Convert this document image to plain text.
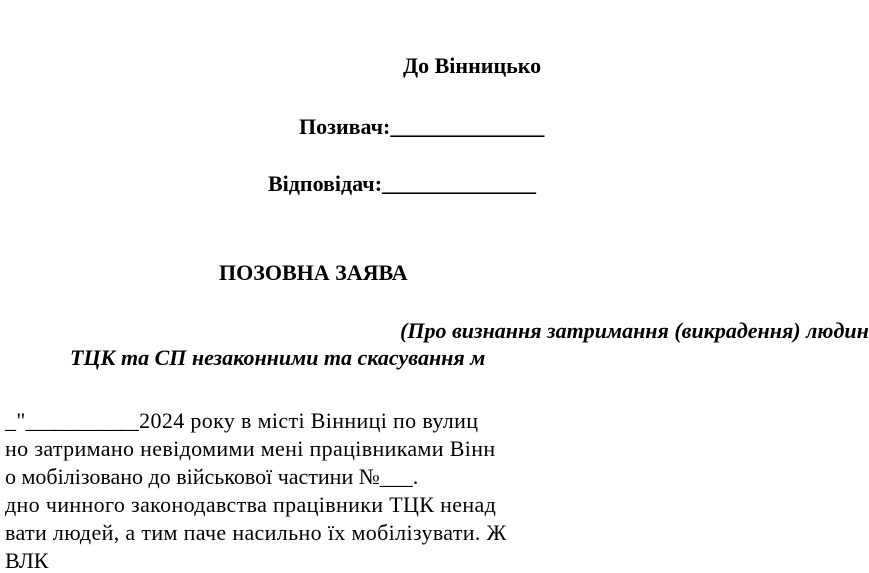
До Вінницько
Позивач:______________
Відповідач:______________
ПОЗОВНА ЗАЯВА
(Про визнання затримання (викрадення) людин
ТЦК та СП незаконними та скасування м
_"__________2024 року в місті Вінниці по вулиц
но затримано невідомими мені працівниками Вінн
о мобілізовано до військової частини №___.
дно чинного законодавства працівники ТЦК ненад
вати людей, а тим паче насильно їх мобілізувати. Ж
ВЛК
